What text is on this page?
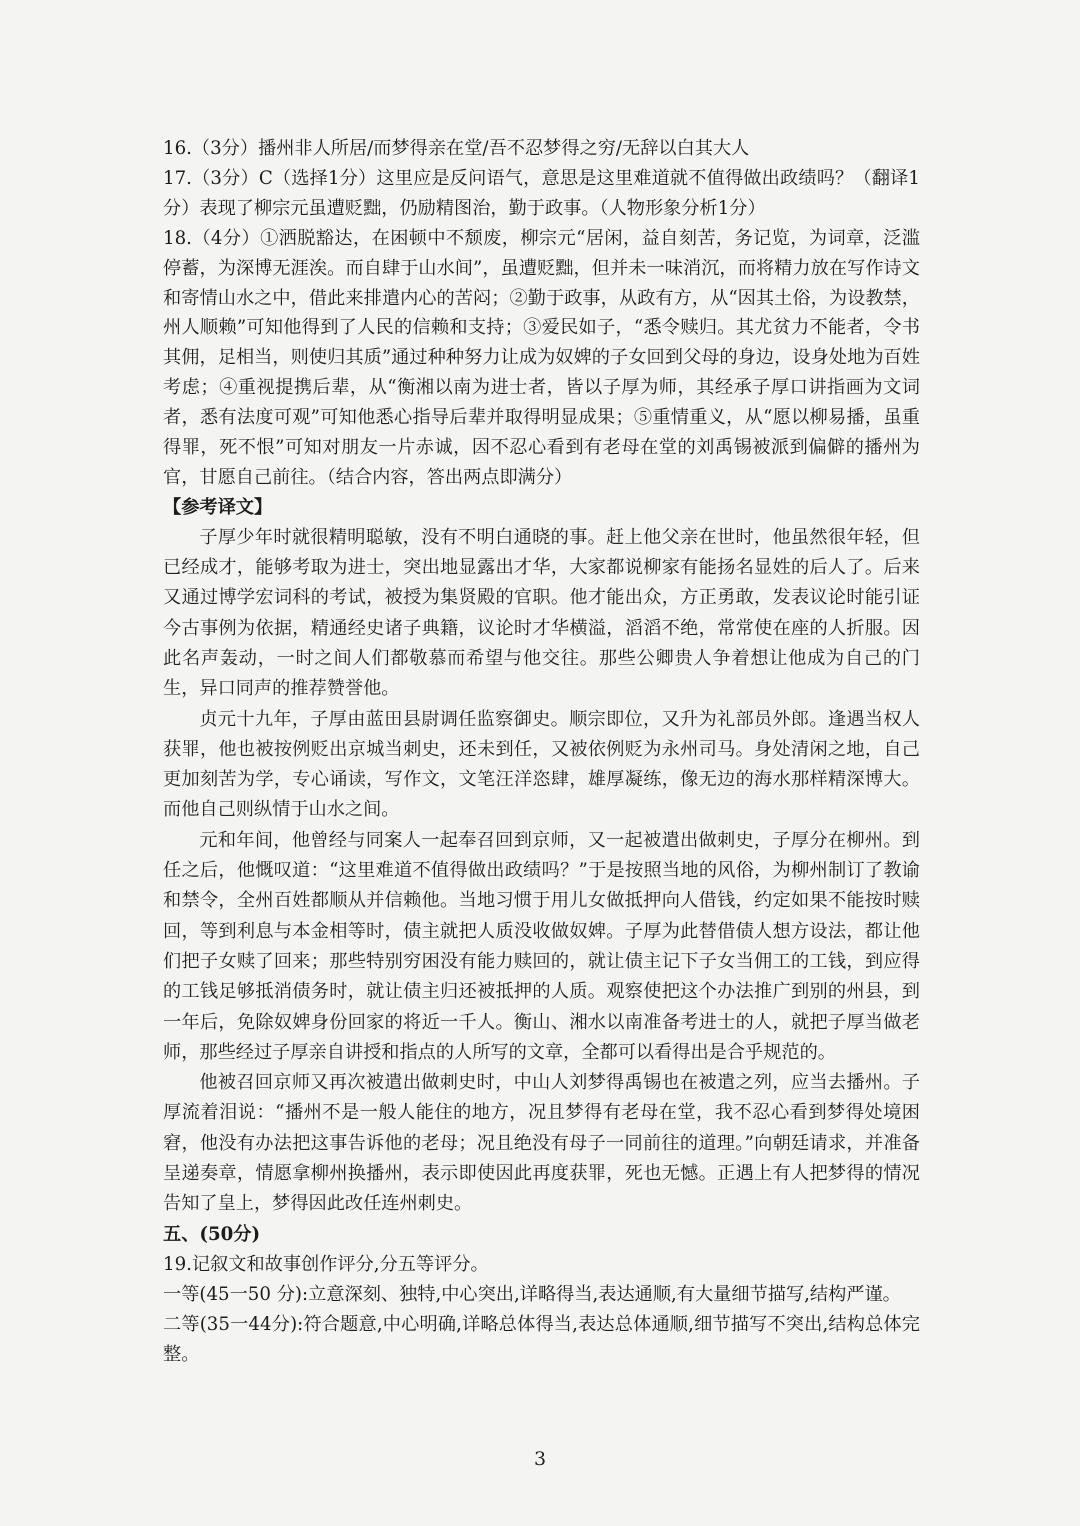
16.（3分）播州非人所居/而梦得亲在堂/吾不忍梦得之穷/无辞以白其大人

17.（3分）C（选择1分）这里应是反问语气，意思是这里难道就不值得做出政绩吗？（翻译1分）表现了柳宗元虽遭贬黜，仍励精图治，勤于政事。（人物形象分析1分）

18.（4分）①洒脱豁达，在困顿中不颓废，柳宗元“居闲，益自刻苦，务记览，为词章，泛滥停蓄，为深博无涯涘。而自肆于山水间”，虽遭贬黜，但并未一味消沉，而将精力放在写作诗文和寄情山水之中，借此来排遣内心的苦闷；②勤于政事，从政有方，从“因其土俗，为设教禁，州人顺赖”可知他得到了人民的信赖和支持；③爱民如子，“悉令赎归。其尤贫力不能者，令书其佣，足相当，则使归其质”通过种种努力让成为奴婢的子女回到父母的身边，设身处地为百姓考虑；④重视提携后辈，从“衡湘以南为进士者，皆以子厚为师，其经承子厚口讲指画为文词者，悉有法度可观”可知他悉心指导后辈并取得明显成果；⑤重情重义，从“愿以柳易播，虽重得罪，死不恨”可知对朋友一片赤诚，因不忍心看到有老母在堂的刘禹锡被派到偏僻的播州为官，甘愿自己前往。（结合内容，答出两点即满分）

【参考译文】

子厚少年时就很精明聪敏，没有不明白通晓的事。赶上他父亲在世时，他虽然很年轻，但已经成才，能够考取为进士，突出地显露出才华，大家都说柳家有能扬名显姓的后人了。后来又通过博学宏词科的考试，被授为集贤殿的官职。他才能出众，方正勇敢，发表议论时能引证今古事例为依据，精通经史诸子典籍，议论时才华横溢，滔滔不绝，常常使在座的人折服。因此名声轰动，一时之间人们都敬慕而希望与他交往。那些公卿贵人争着想让他成为自己的门生，异口同声的推荐赞誉他。

贞元十九年，子厚由蓝田县尉调任监察御史。顺宗即位，又升为礼部员外郎。逢遇当权人获罪，他也被按例贬出京城当刺史，还未到任，又被依例贬为永州司马。身处清闲之地，自己更加刻苦为学，专心诵读，写作文，文笔汪洋恣肆，雄厚凝练，像无边的海水那样精深博大。而他自己则纵情于山水之间。

元和年间，他曾经与同案人一起奉召回到京师，又一起被遣出做刺史，子厚分在柳州。到任之后，他慨叹道：“这里难道不值得做出政绩吗？”于是按照当地的风俗，为柳州制订了教谕和禁令，全州百姓都顺从并信赖他。当地习惯于用儿女做抵押向人借钱，约定如果不能按时赎回，等到利息与本金相等时，债主就把人质没收做奴婢。子厚为此替借债人想方设法，都让他们把子女赎了回来；那些特别穷困没有能力赎回的，就让债主记下子女当佣工的工钱，到应得的工钱足够抵消债务时，就让债主归还被抵押的人质。观察使把这个办法推广到别的州县，到一年后，免除奴婢身份回家的将近一千人。衡山、湘水以南准备考进士的人，就把子厚当做老师，那些经过子厚亲自讲授和指点的人所写的文章，全都可以看得出是合乎规范的。

他被召回京师又再次被遣出做刺史时，中山人刘梦得禹锡也在被遣之列，应当去播州。子厚流着泪说：“播州不是一般人能住的地方，况且梦得有老母在堂，我不忍心看到梦得处境困窘，他没有办法把这事告诉他的老母；况且绝没有母子一同前往的道理。”向朝廷请求，并准备呈递奏章，情愿拿柳州换播州，表示即使因此再度获罪，死也无憾。正遇上有人把梦得的情况告知了皇上，梦得因此改任连州刺史。

五、(50分)

19.记叙文和故事创作评分,分五等评分。

一等(45一50 分):立意深刻、独特,中心突出,详略得当,表达通顺,有大量细节描写,结构严谨。

二等(35一44分):符合题意,中心明确,详略总体得当,表达总体通顺,细节描写不突出,结构总体完整。

3
